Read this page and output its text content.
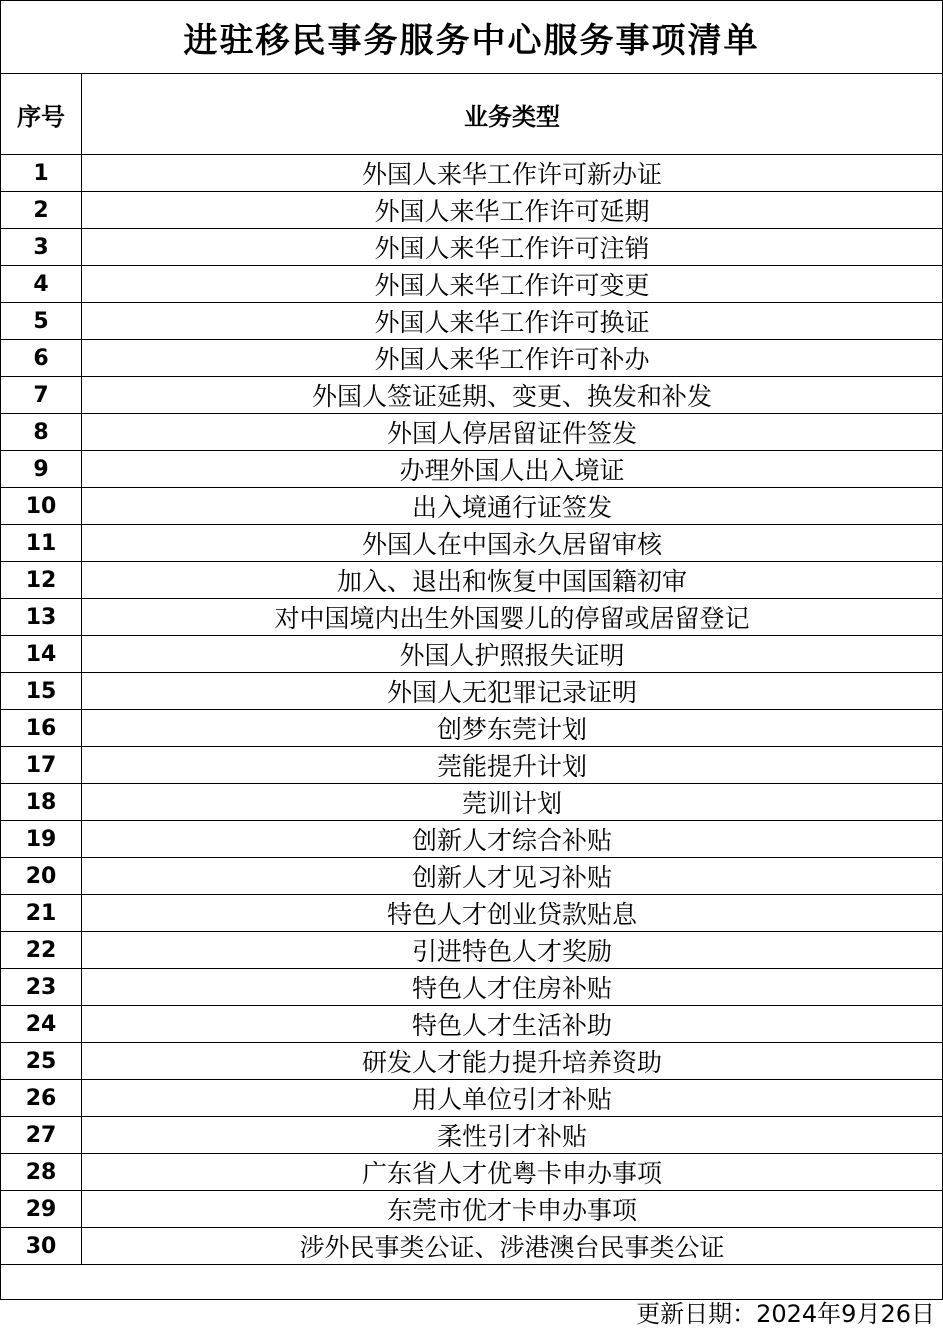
进驻移民事务服务中心服务事项清单	
序号	业务类型
1	外国人来华工作许可新办证
2	外国人来华工作许可延期
3	外国人来华工作许可注销
4	外国人来华工作许可变更
5	外国人来华工作许可换证
6	外国人来华工作许可补办
7	外国人签证延期、变更、换发和补发
8	外国人停居留证件签发
9	办理外国人出入境证
10	出入境通行证签发
11	外国人在中国永久居留审核
12	加入、退出和恢复中国国籍初审
13	对中国境内出生外国婴儿的停留或居留登记
14	外国人护照报失证明
15	外国人无犯罪记录证明
16	创梦东莞计划
17	莞能提升计划
18	莞训计划
19	创新人才综合补贴
20	创新人才见习补贴
21	特色人才创业贷款贴息
22	引进特色人才奖励
23	特色人才住房补贴
24	特色人才生活补助
25	研发人才能力提升培养资助
26	用人单位引才补贴
27	柔性引才补贴
28	广东省人才优粤卡申办事项
29	东莞市优才卡申办事项
30	涉外民事类公证、涉港澳台民事类公证

更新日期：2024年9月26日
